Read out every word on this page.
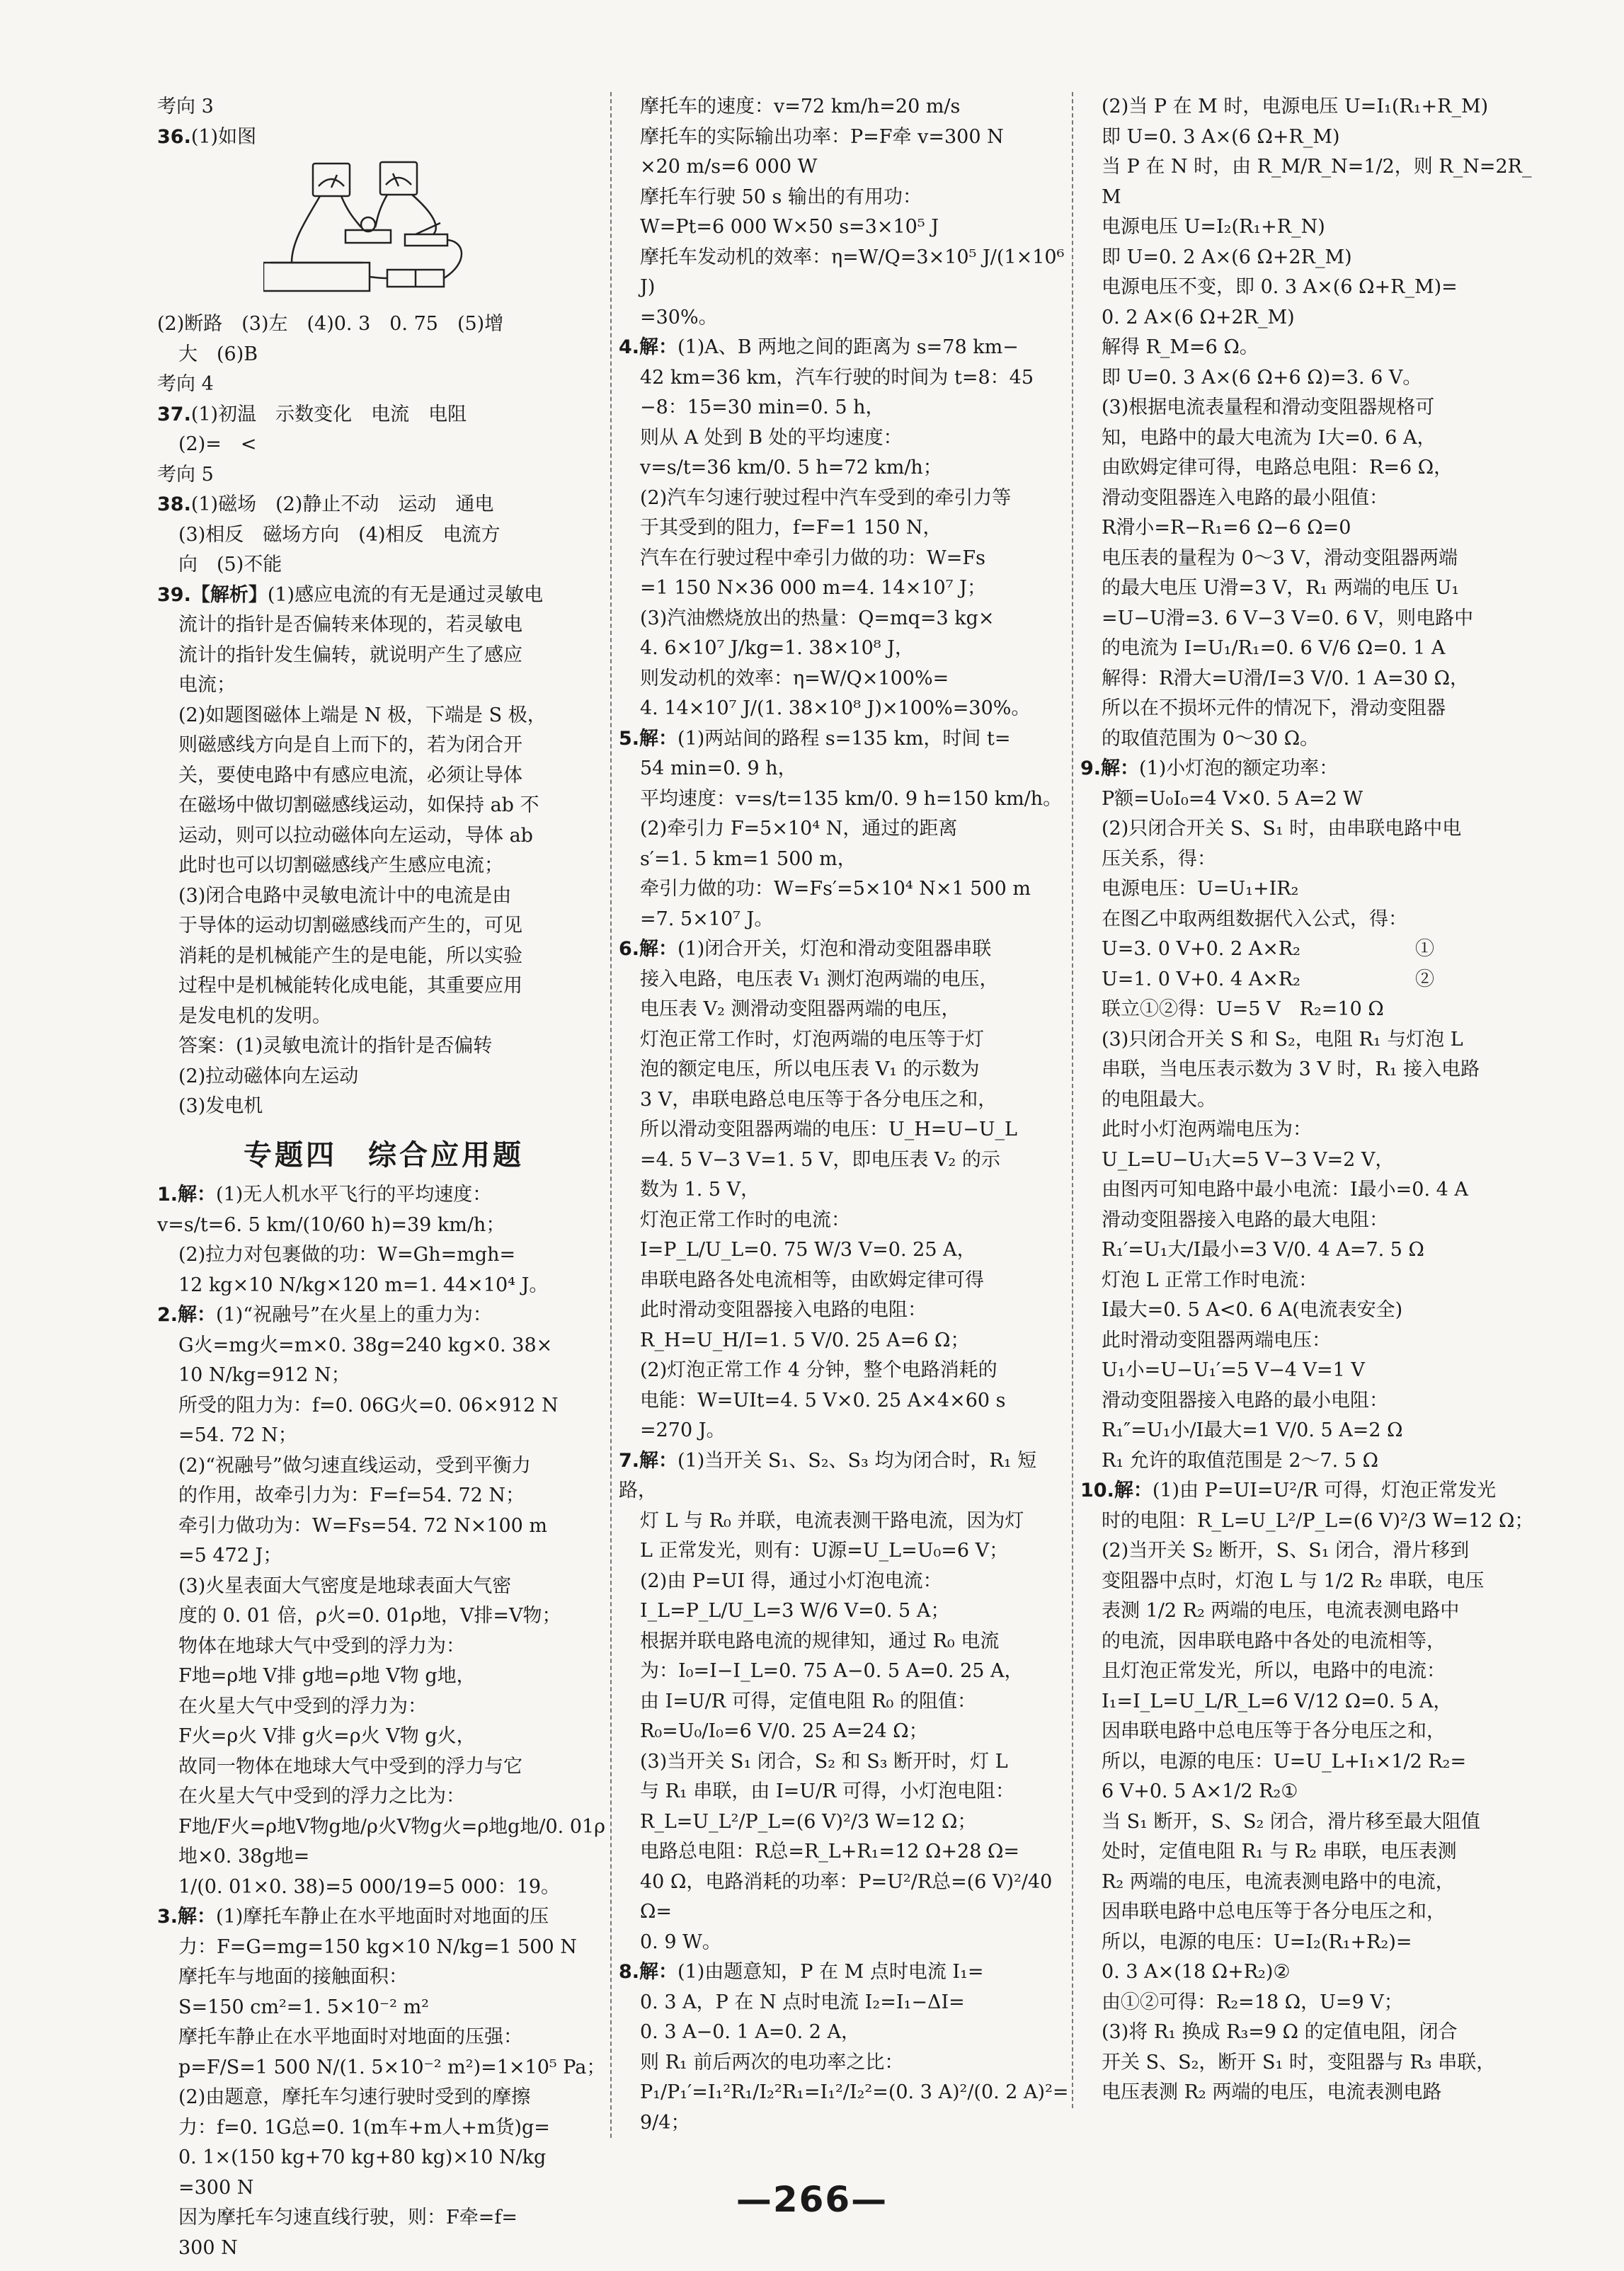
考向 3

36.(1)如图

(2)断路　(3)左　(4)0. 3　0. 75　(5)增

大　(6)B

考向 4

37.(1)初温　示数变化　电流　电阻

(2)=　<

考向 5

38.(1)磁场　(2)静止不动　运动　通电

(3)相反　磁场方向　(4)相反　电流方

向　(5)不能

39.【解析】(1)感应电流的有无是通过灵敏电

流计的指针是否偏转来体现的，若灵敏电

流计的指针发生偏转，就说明产生了感应

电流；

(2)如题图磁体上端是 N 极，下端是 S 极，

则磁感线方向是自上而下的，若为闭合开

关，要使电路中有感应电流，必须让导体

在磁场中做切割磁感线运动，如保持 ab 不

运动，则可以拉动磁体向左运动，导体 ab

此时也可以切割磁感线产生感应电流；

(3)闭合电路中灵敏电流计中的电流是由

于导体的运动切割磁感线而产生的，可见

消耗的是机械能产生的是电能，所以实验

过程中是机械能转化成电能，其重要应用

是发电机的发明。

答案：(1)灵敏电流计的指针是否偏转

(2)拉动磁体向左运动

(3)发电机

专题四　综合应用题

1.解：(1)无人机水平飞行的平均速度：

v=s/t=6. 5 km/(10/60 h)=39 km/h；

(2)拉力对包裹做的功：W=Gh=mgh=

12 kg×10 N/kg×120 m=1. 44×10⁴ J。

2.解：(1)“祝融号”在火星上的重力为：

G火=mg火=m×0. 38g=240 kg×0. 38×

10 N/kg=912 N；

所受的阻力为：f=0. 06G火=0. 06×912 N

=54. 72 N；

(2)“祝融号”做匀速直线运动，受到平衡力

的作用，故牵引力为：F=f=54. 72 N；

牵引力做功为：W=Fs=54. 72 N×100 m

=5 472 J；

(3)火星表面大气密度是地球表面大气密

度的 0. 01 倍，ρ火=0. 01ρ地，V排=V物；

物体在地球大气中受到的浮力为：

F地=ρ地 V排 g地=ρ地 V物 g地，

在火星大气中受到的浮力为：

F火=ρ火 V排 g火=ρ火 V物 g火，

故同一物体在地球大气中受到的浮力与它

在火星大气中受到的浮力之比为：

F地/F火=ρ地V物g地/ρ火V物g火=ρ地g地/0. 01ρ地×0. 38g地=

1/(0. 01×0. 38)=5 000/19=5 000：19。

3.解：(1)摩托车静止在水平地面时对地面的压

力：F=G=mg=150 kg×10 N/kg=1 500 N

摩托车与地面的接触面积：

S=150 cm²=1. 5×10⁻² m²

摩托车静止在水平地面时对地面的压强：

p=F/S=1 500 N/(1. 5×10⁻² m²)=1×10⁵ Pa；

(2)由题意，摩托车匀速行驶时受到的摩擦

力：f=0. 1G总=0. 1(m车+m人+m货)g=

0. 1×(150 kg+70 kg+80 kg)×10 N/kg

=300 N

因为摩托车匀速直线行驶，则：F牵=f=

300 N

摩托车的速度：v=72 km/h=20 m/s

摩托车的实际输出功率：P=F牵 v=300 N

×20 m/s=6 000 W

摩托车行驶 50 s 输出的有用功：

W=Pt=6 000 W×50 s=3×10⁵ J

摩托车发动机的效率：η=W/Q=3×10⁵ J/(1×10⁶ J)

=30%。

4.解：(1)A、B 两地之间的距离为 s=78 km−

42 km=36 km，汽车行驶的时间为 t=8：45

−8：15=30 min=0. 5 h，

则从 A 处到 B 处的平均速度：

v=s/t=36 km/0. 5 h=72 km/h；

(2)汽车匀速行驶过程中汽车受到的牵引力等

于其受到的阻力，f=F=1 150 N，

汽车在行驶过程中牵引力做的功：W=Fs

=1 150 N×36 000 m=4. 14×10⁷ J；

(3)汽油燃烧放出的热量：Q=mq=3 kg×

4. 6×10⁷ J/kg=1. 38×10⁸ J，

则发动机的效率：η=W/Q×100%=

4. 14×10⁷ J/(1. 38×10⁸ J)×100%=30%。

5.解：(1)两站间的路程 s=135 km，时间 t=

54 min=0. 9 h，

平均速度：v=s/t=135 km/0. 9 h=150 km/h。

(2)牵引力 F=5×10⁴ N，通过的距离

s′=1. 5 km=1 500 m，

牵引力做的功：W=Fs′=5×10⁴ N×1 500 m

=7. 5×10⁷ J。

6.解：(1)闭合开关，灯泡和滑动变阻器串联

接入电路，电压表 V₁ 测灯泡两端的电压，

电压表 V₂ 测滑动变阻器两端的电压，

灯泡正常工作时，灯泡两端的电压等于灯

泡的额定电压，所以电压表 V₁ 的示数为

3 V，串联电路总电压等于各分电压之和，

所以滑动变阻器两端的电压：U_H=U−U_L

=4. 5 V−3 V=1. 5 V，即电压表 V₂ 的示

数为 1. 5 V，

灯泡正常工作时的电流：

I=P_L/U_L=0. 75 W/3 V=0. 25 A，

串联电路各处电流相等，由欧姆定律可得

此时滑动变阻器接入电路的电阻：

R_H=U_H/I=1. 5 V/0. 25 A=6 Ω；

(2)灯泡正常工作 4 分钟，整个电路消耗的

电能：W=UIt=4. 5 V×0. 25 A×4×60 s

=270 J。

7.解：(1)当开关 S₁、S₂、S₃ 均为闭合时，R₁ 短路，

灯 L 与 R₀ 并联，电流表测干路电流，因为灯

L 正常发光，则有：U源=U_L=U₀=6 V；

(2)由 P=UI 得，通过小灯泡电流：

I_L=P_L/U_L=3 W/6 V=0. 5 A；

根据并联电路电流的规律知，通过 R₀ 电流

为：I₀=I−I_L=0. 75 A−0. 5 A=0. 25 A，

由 I=U/R 可得，定值电阻 R₀ 的阻值：

R₀=U₀/I₀=6 V/0. 25 A=24 Ω；

(3)当开关 S₁ 闭合，S₂ 和 S₃ 断开时，灯 L

与 R₁ 串联，由 I=U/R 可得，小灯泡电阻：

R_L=U_L²/P_L=(6 V)²/3 W=12 Ω；

电路总电阻：R总=R_L+R₁=12 Ω+28 Ω=

40 Ω，电路消耗的功率：P=U²/R总=(6 V)²/40 Ω=

0. 9 W。

8.解：(1)由题意知，P 在 M 点时电流 I₁=

0. 3 A，P 在 N 点时电流 I₂=I₁−ΔI=

0. 3 A−0. 1 A=0. 2 A，

则 R₁ 前后两次的电功率之比：

P₁/P₁′=I₁²R₁/I₂²R₁=I₁²/I₂²=(0. 3 A)²/(0. 2 A)²=9/4；

(2)当 P 在 M 时，电源电压 U=I₁(R₁+R_M)

即 U=0. 3 A×(6 Ω+R_M)

当 P 在 N 时，由 R_M/R_N=1/2，则 R_N=2R_M

电源电压 U=I₂(R₁+R_N)

即 U=0. 2 A×(6 Ω+2R_M)

电源电压不变，即 0. 3 A×(6 Ω+R_M)=

0. 2 A×(6 Ω+2R_M)

解得 R_M=6 Ω。

即 U=0. 3 A×(6 Ω+6 Ω)=3. 6 V。

(3)根据电流表量程和滑动变阻器规格可

知，电路中的最大电流为 I大=0. 6 A，

由欧姆定律可得，电路总电阻：R=6 Ω，

滑动变阻器连入电路的最小阻值：

R滑小=R−R₁=6 Ω−6 Ω=0

电压表的量程为 0～3 V，滑动变阻器两端

的最大电压 U滑=3 V，R₁ 两端的电压 U₁

=U−U滑=3. 6 V−3 V=0. 6 V，则电路中

的电流为 I=U₁/R₁=0. 6 V/6 Ω=0. 1 A

解得：R滑大=U滑/I=3 V/0. 1 A=30 Ω，

所以在不损坏元件的情况下，滑动变阻器

的取值范围为 0～30 Ω。

9.解：(1)小灯泡的额定功率：

P额=U₀I₀=4 V×0. 5 A=2 W

(2)只闭合开关 S、S₁ 时，由串联电路中电

压关系，得：

电源电压：U=U₁+IR₂

在图乙中取两组数据代入公式，得：

U=3. 0 V+0. 2 A×R₂　　　　　　①

U=1. 0 V+0. 4 A×R₂　　　　　　②

联立①②得：U=5 V　R₂=10 Ω

(3)只闭合开关 S 和 S₂，电阻 R₁ 与灯泡 L

串联，当电压表示数为 3 V 时，R₁ 接入电路

的电阻最大。

此时小灯泡两端电压为：

U_L=U−U₁大=5 V−3 V=2 V，

由图丙可知电路中最小电流：I最小=0. 4 A

滑动变阻器接入电路的最大电阻：

R₁′=U₁大/I最小=3 V/0. 4 A=7. 5 Ω

灯泡 L 正常工作时电流：

I最大=0. 5 A<0. 6 A(电流表安全)

此时滑动变阻器两端电压：

U₁小=U−U₁′=5 V−4 V=1 V

滑动变阻器接入电路的最小电阻：

R₁″=U₁小/I最大=1 V/0. 5 A=2 Ω

R₁ 允许的取值范围是 2～7. 5 Ω

10.解：(1)由 P=UI=U²/R 可得，灯泡正常发光

时的电阻：R_L=U_L²/P_L=(6 V)²/3 W=12 Ω；

(2)当开关 S₂ 断开，S、S₁ 闭合，滑片移到

变阻器中点时，灯泡 L 与 1/2 R₂ 串联，电压

表测 1/2 R₂ 两端的电压，电流表测电路中

的电流，因串联电路中各处的电流相等，

且灯泡正常发光，所以，电路中的电流：

I₁=I_L=U_L/R_L=6 V/12 Ω=0. 5 A，

因串联电路中总电压等于各分电压之和，

所以，电源的电压：U=U_L+I₁×1/2 R₂=

6 V+0. 5 A×1/2 R₂①

当 S₁ 断开，S、S₂ 闭合，滑片移至最大阻值

处时，定值电阻 R₁ 与 R₂ 串联，电压表测

R₂ 两端的电压，电流表测电路中的电流，

因串联电路中总电压等于各分电压之和，

所以，电源的电压：U=I₂(R₁+R₂)=

0. 3 A×(18 Ω+R₂)②

由①②可得：R₂=18 Ω，U=9 V；

(3)将 R₁ 换成 R₃=9 Ω 的定值电阻，闭合

开关 S、S₂，断开 S₁ 时，变阻器与 R₃ 串联，

电压表测 R₂ 两端的电压，电流表测电路

—266—
